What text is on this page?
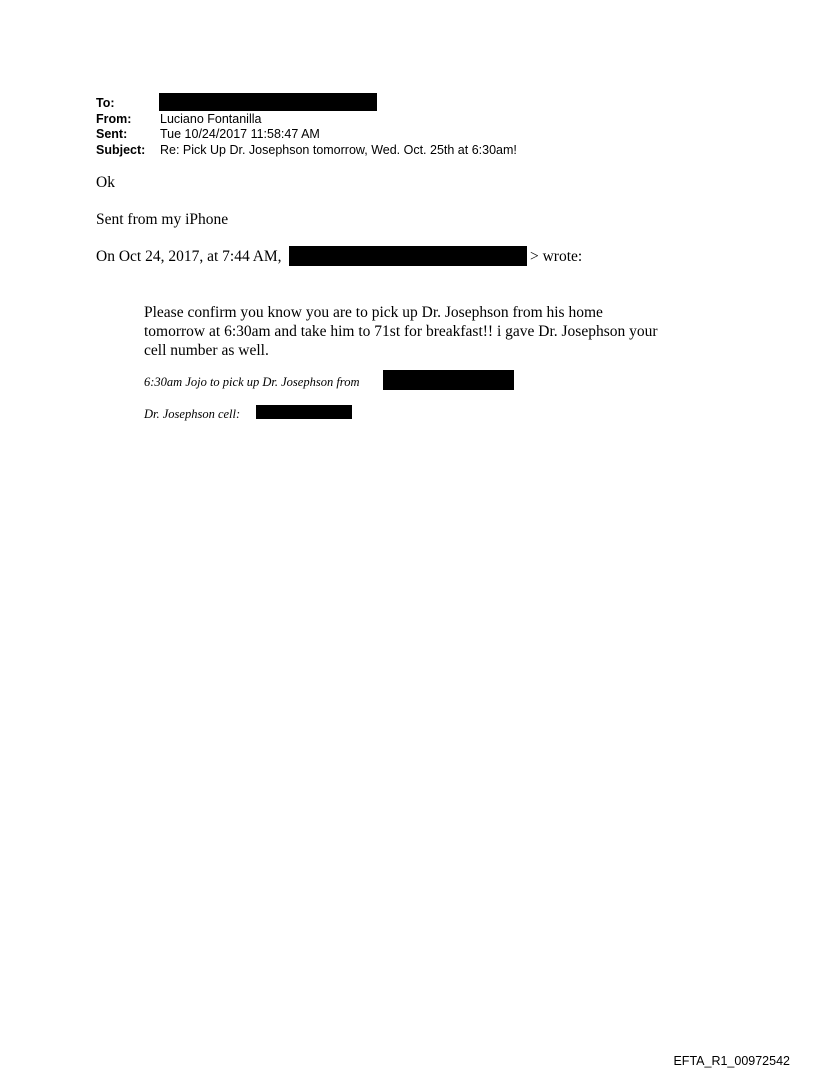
To:
From: Luciano Fontanilla
Sent:	Tue 10/24/2017 11:58:47 AM
Subject: Re: Pick Up Dr. Josephson tomorrow, Wed. Oct. 25th at 6:30am!
Ok
Sent from my iPhone
On Oct 24, 2017, at 7:44 AM,	> wrote:
Please confirm you know you are to pick up Dr. Josephson from his home tomorrow at 6:30am and take him to 71st for breakfast!! i gave Dr. Josephson your cell number as well.
6:30am Jojo to pick up Dr. Josephson from
Dr. Josephson cell:
EFTA_R1_00972542
